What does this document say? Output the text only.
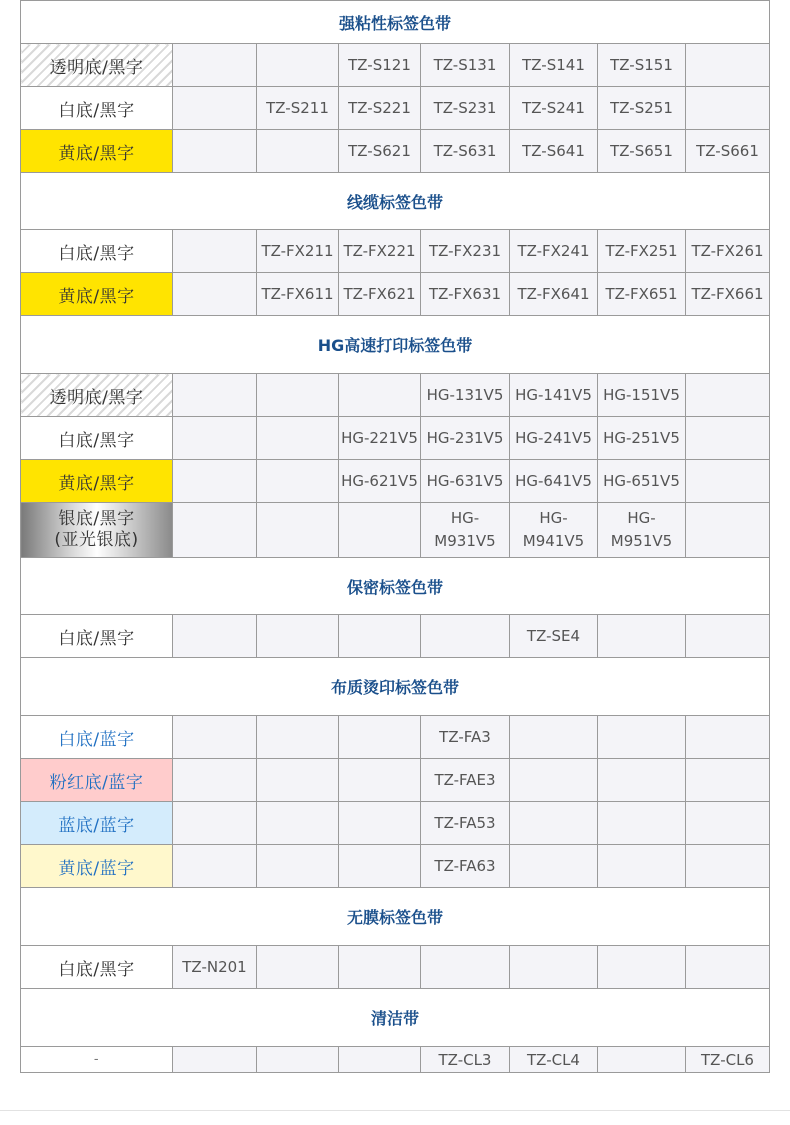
强粘性标签色带							

透明底/黑字			TZ-S121	TZ-S131	TZ-S141	TZ-S151	

白底/黑字		TZ-S211	TZ-S221	TZ-S231	TZ-S241	TZ-S251	

黄底/黑字			TZ-S621	TZ-S631	TZ-S641	TZ-S651	TZ-S661
线缆标签色带							

白底/黑字		TZ-FX211	TZ-FX221	TZ-FX231	TZ-FX241	TZ-FX251	TZ-FX261

黄底/黑字		TZ-FX611	TZ-FX621	TZ-FX631	TZ-FX641	TZ-FX651	TZ-FX661
HG高速打印标签色带							

透明底/黑字				HG-131V5	HG-141V5	HG-151V5	

白底/黑字			HG-221V5	HG-231V5	HG-241V5	HG-251V5	

黄底/黑字			HG-621V5	HG-631V5	HG-641V5	HG-651V5	

银底/黑字
(亚光银底)				HG-M931V5	HG-M941V5	HG-M951V5	

保密标签色带							

白底/黑字					TZ-SE4		
布质烫印标签色带							

白底/蓝字				TZ-FA3			

粉红底/蓝字				TZ-FAE3			

蓝底/蓝字				TZ-FA53			

黄底/蓝字				TZ-FA63			
无膜标签色带							

白底/黑字	TZ-N201						
清洁带							

-				TZ-CL3	TZ-CL4		TZ-CL6
